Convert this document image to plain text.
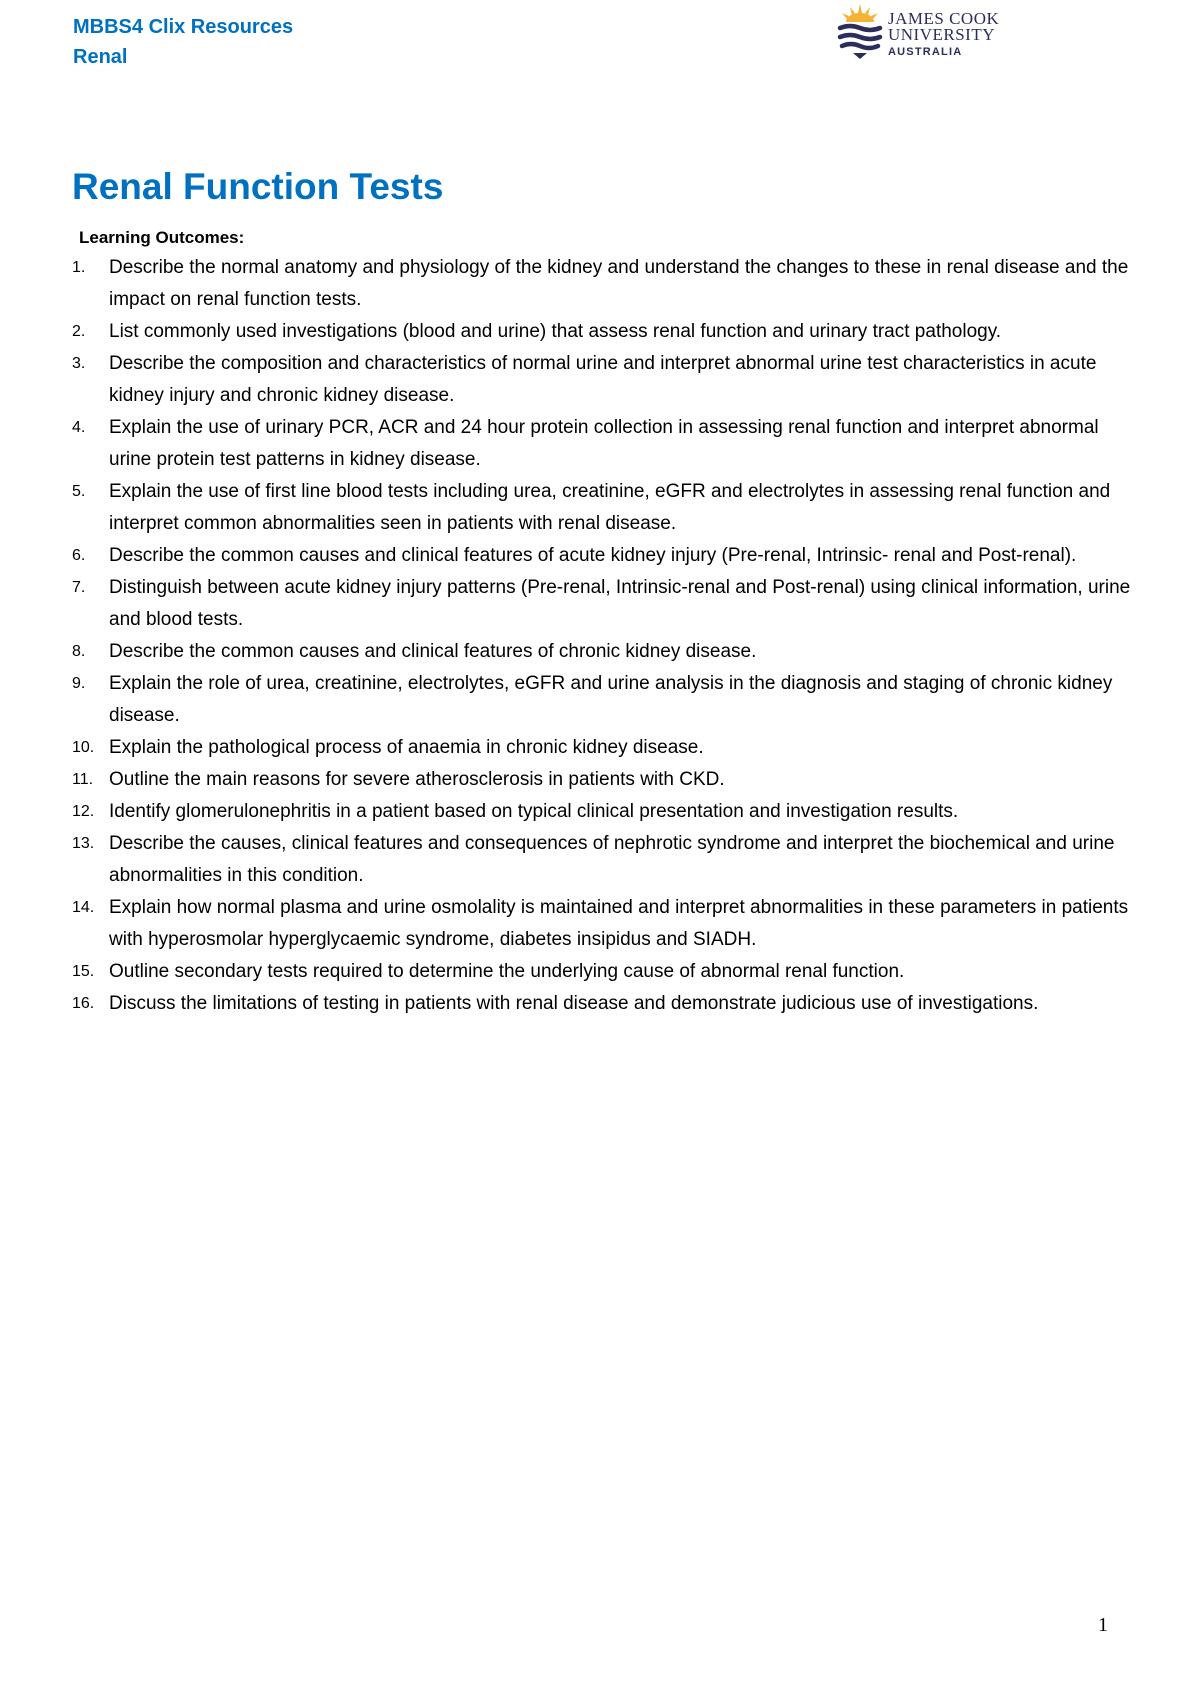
MBBS4 Clix Resources
Renal
JAMES COOK
UNIVERSITY
AUSTRALIA
Renal Function Tests
Learning Outcomes:
1. Describe the normal anatomy and physiology of the kidney and understand the changes to these in renal disease and the impact on renal function tests.
2. List commonly used investigations (blood and urine) that assess renal function and urinary tract pathology.
3. Describe the composition and characteristics of normal urine and interpret abnormal urine test characteristics in acute kidney injury and chronic kidney disease.
4. Explain the use of urinary PCR, ACR and 24 hour protein collection in assessing renal function and interpret abnormal urine protein test patterns in kidney disease.
5. Explain the use of first line blood tests including urea, creatinine, eGFR and electrolytes in assessing renal function and interpret common abnormalities seen in patients with renal disease.
6. Describe the common causes and clinical features of acute kidney injury (Pre-renal, Intrinsic- renal and Post-renal).
7. Distinguish between acute kidney injury patterns (Pre-renal, Intrinsic-renal and Post-renal) using clinical information, urine and blood tests.
8. Describe the common causes and clinical features of chronic kidney disease.
9. Explain the role of urea, creatinine, electrolytes, eGFR and urine analysis in the diagnosis and staging of chronic kidney disease.
10. Explain the pathological process of anaemia in chronic kidney disease.
11. Outline the main reasons for severe atherosclerosis in patients with CKD.
12. Identify glomerulonephritis in a patient based on typical clinical presentation and investigation results.
13. Describe the causes, clinical features and consequences of nephrotic syndrome and interpret the biochemical and urine abnormalities in this condition.
14. Explain how normal plasma and urine osmolality is maintained and interpret abnormalities in these parameters in patients with hyperosmolar hyperglycaemic syndrome, diabetes insipidus and SIADH.
15. Outline secondary tests required to determine the underlying cause of abnormal renal function.
16. Discuss the limitations of testing in patients with renal disease and demonstrate judicious use of investigations.
1
